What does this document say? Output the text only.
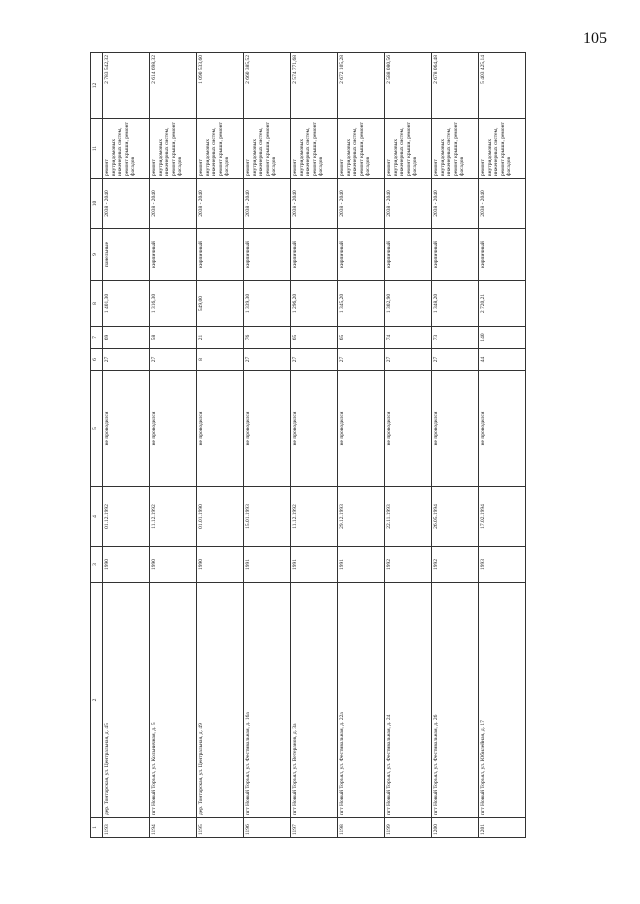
105
1	2	3	4	5	6	7	8	9	10	11	12
1193	дер. Тонтарская, ул. Центральная, д. 45	1990	01.12.1992	не проводился	27	69	1 401,30	панельные	2038 - 2040	ремонт внутридомовых инженерных систем, ремонт крыши, ремонт фасадов	2 783 542,32
1194	пгт Новый Торъял, ул. Кольничная, д. 5	1990	11.12.1992	не проводился	27	58	1 316,30	кирпичный	2038 - 2040	ремонт внутридомовых инженерных систем, ремонт крыши, ремонт фасадов	2 614 698,32
1195	дер. Тонтарская, ул. Центральная, д. 49	1990	01.01.1990	не проводился	8	21	549,00	кирпичный	2038 - 2040	ремонт внутридомовых инженерных систем, ремонт крыши, ремонт фасадов	1 090 533,60
1196	пгт Новый Торъял, ул. Фестивальная, д. 16а	1991	15.01.1993	не проводился	27	76	1 339,30	кирпичный	2038 - 2040	ремонт внутридомовых инженерных систем, ремонт крыши, ремонт фасадов	2 660 385,52
1197	пгт Новый Торъял, ул. Ветеранов, д. 3а	1991	11.12.1992	не проводился	27	65	1 296,20	кирпичный	2038 - 2040	ремонт внутридомовых инженерных систем, ремонт крыши, ремонт фасадов	2 574 771,68
1198	пгт Новый Торъял, ул. Фестивальная, д. 22а	1991	29.12.1993	не проводился	27	65	1 345,20	кирпичный	2038 - 2040	ремонт внутридомовых инженерных систем, ремонт крыши, ремонт фасадов	2 672 105,28
1199	пгт Новый Торъял, ул. Фестивальная, д. 24	1992	22.11.1993	не проводился	27	74	1 302,90	кирпичный	2038 - 2040	ремонт внутридомовых инженерных систем, ремонт крыши, ремонт фасадов	2 588 080,56
1200	пгт Новый Торъял, ул. Фестивальная, д. 26	1992	26.05.1994	не проводился	27	73	1 348,20	кирпичный	2038 - 2040	ремонт внутридомовых инженерных систем, ремонт крыши, ремонт фасадов	2 678 064,48
1201	пгт Новый Торъял, ул. Юбилейная, д. 17	1993	17.02.1994	не проводился	44	140	2 720,21	кирпичный	2038 - 2040	ремонт внутридомовых инженерных систем, ремонт крыши, ремонт фасадов	5 403 425,14
